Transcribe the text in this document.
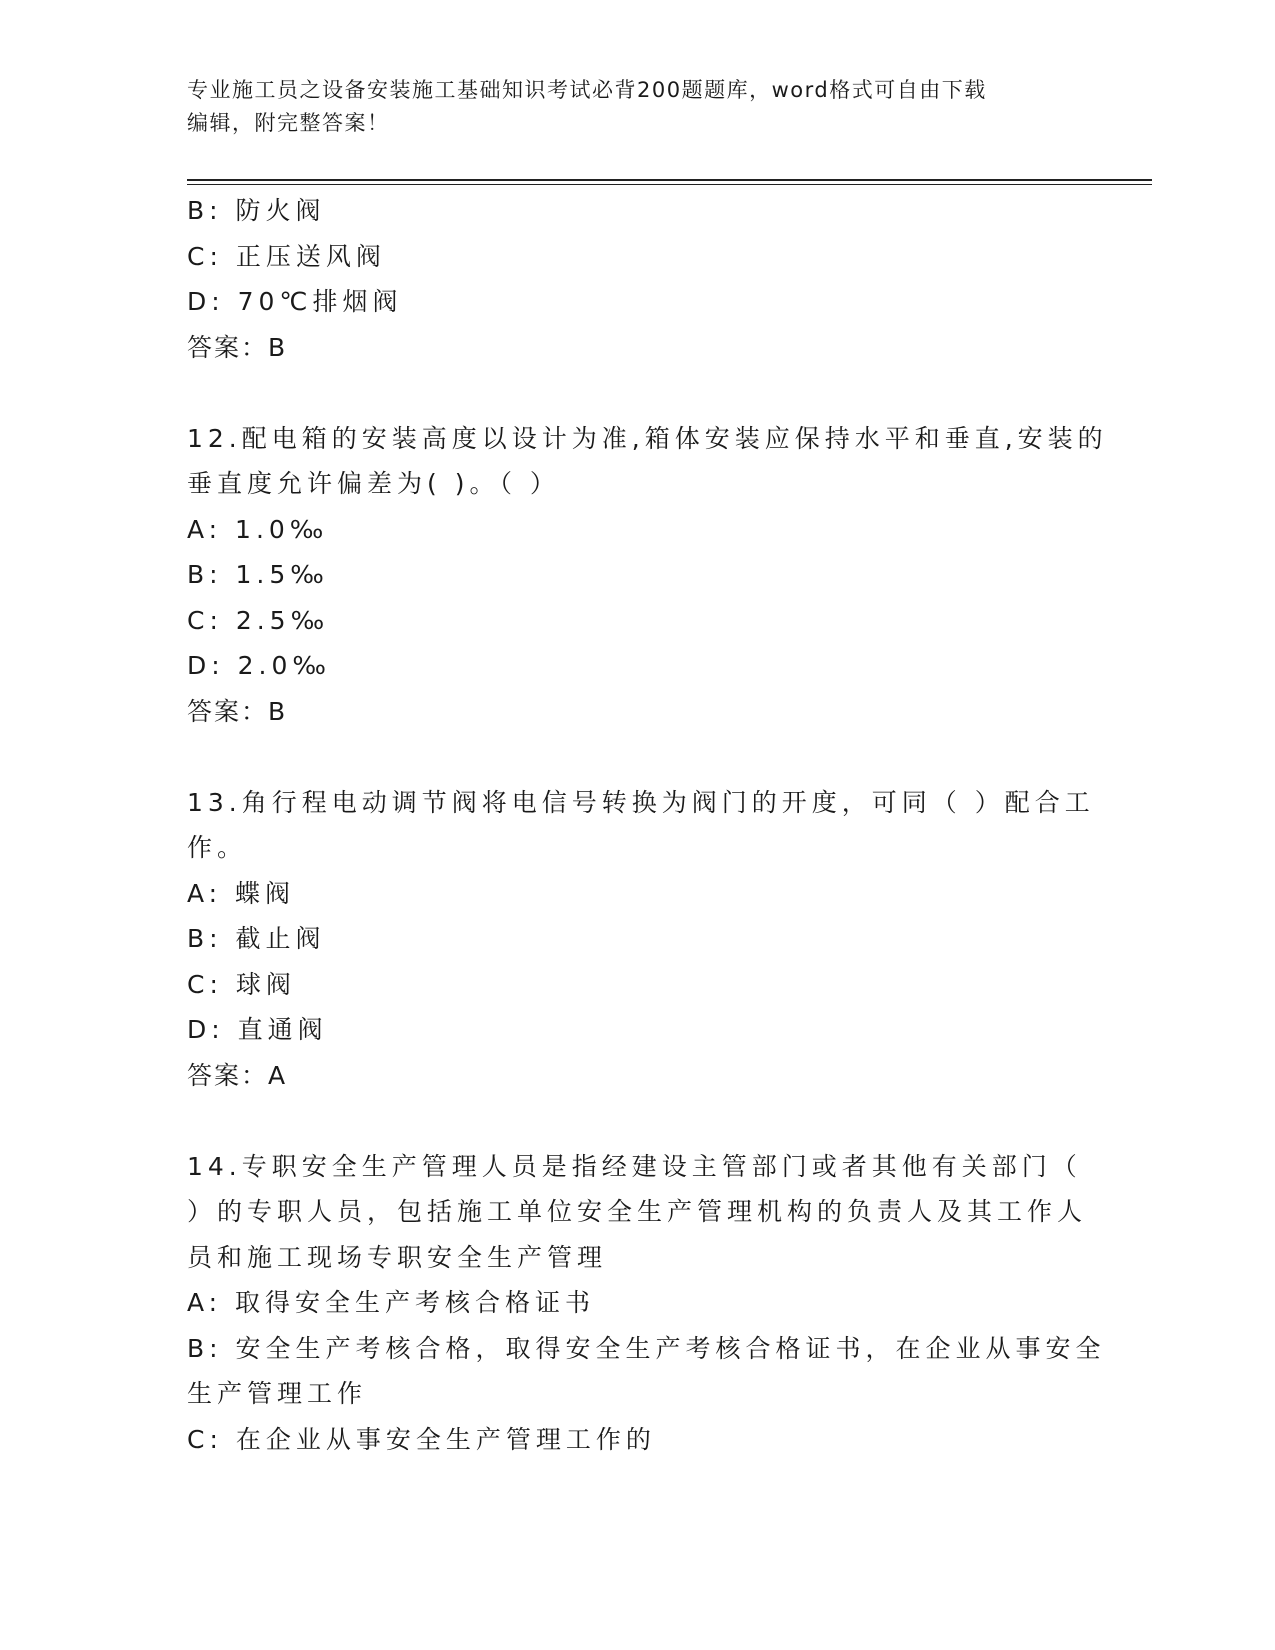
专业施工员之设备安装施工基础知识考试必背200题题库，word格式可自由下载
编辑，附完整答案！
B: 防火阀
C: 正压送风阀
D: 70℃排烟阀
答案：B
12.配电箱的安装高度以设计为准,箱体安装应保持水平和垂直,安装的
垂直度允许偏差为( )。（ ）
A: 1.0‰
B: 1.5‰
C: 2.5‰
D: 2.0‰
答案：B
13.角行程电动调节阀将电信号转换为阀门的开度，可同（ ）配合工
作。
A: 蝶阀
B: 截止阀
C: 球阀
D: 直通阀
答案：A
14.专职安全生产管理人员是指经建设主管部门或者其他有关部门（
）的专职人员，包括施工单位安全生产管理机构的负责人及其工作人
员和施工现场专职安全生产管理
A: 取得安全生产考核合格证书
B: 安全生产考核合格，取得安全生产考核合格证书，在企业从事安全
生产管理工作
C: 在企业从事安全生产管理工作的
